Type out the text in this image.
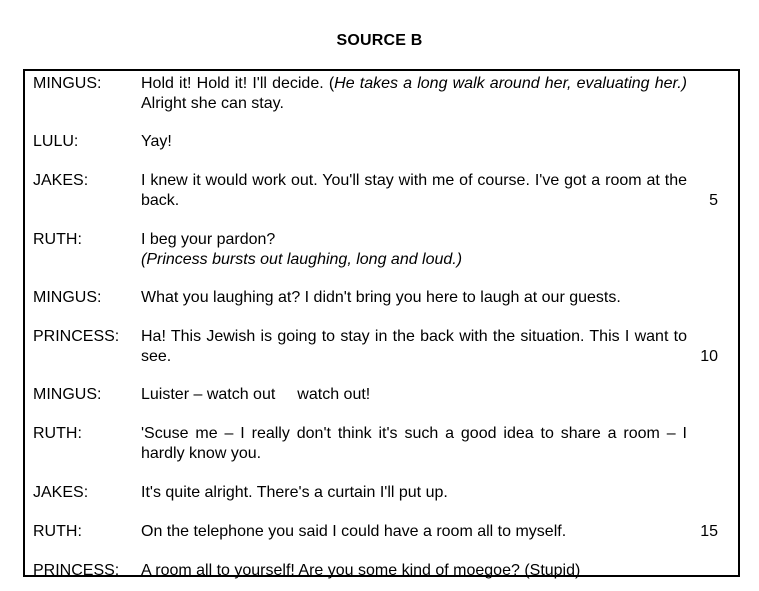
SOURCE B
MINGUS: Hold it! Hold it! I'll decide. (He takes a long walk around her, evaluating her.) Alright she can stay.
LULU:	Yay!
JAKES:	I knew it would work out. You'll stay with me of course. I've got a room at the back.	5
RUTH:	I beg your pardon?
(Princess bursts out laughing, long and loud.)
MINGUS: What you laughing at? I didn't bring you here to laugh at our guests.
PRINCESS: Ha! This Jewish is going to stay in the back with the situation. This I want to see.	10
MINGUS: Luister – watch out watch out!
RUTH:	'Scuse me – I really don't think it's such a good idea to share a room – I hardly know you.
JAKES:	It's quite alright. There's a curtain I'll put up.
RUTH:	On the telephone you said I could have a room all to myself.	15
PRINCESS: A room all to yourself! Are you some kind of moegoe? (Stupid)
